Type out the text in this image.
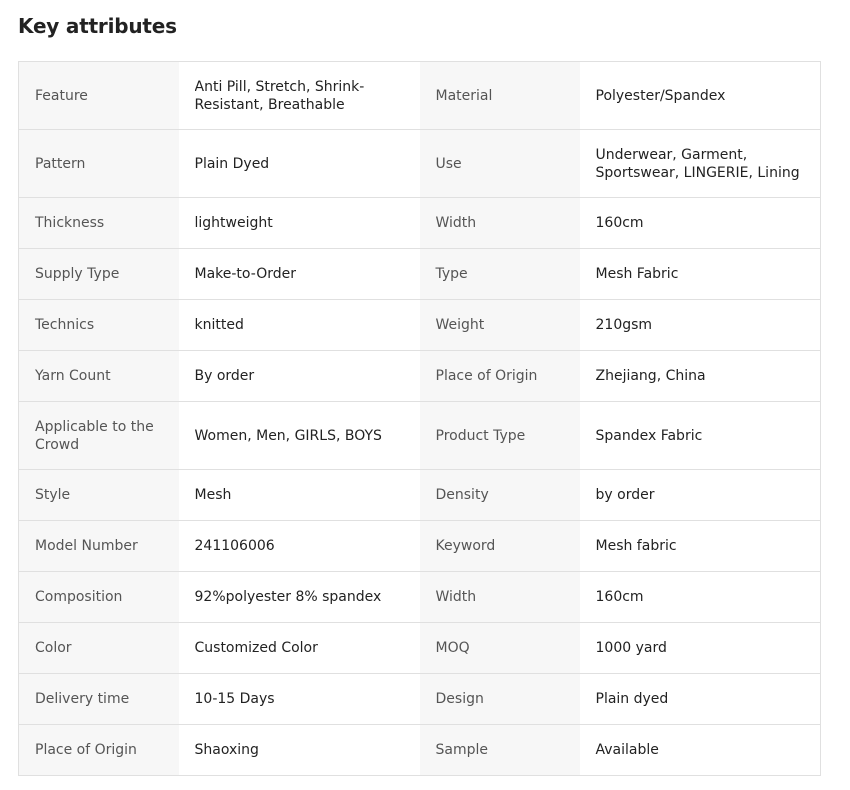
Key attributes
Feature	Anti Pill, Stretch, Shrink-Resistant, Breathable	Material	Polyester/Spandex

Pattern	Plain Dyed	Use	Underwear, Garment, Sportswear, LINGERIE, Lining

Thickness	lightweight	Width	160cm
Supply Type	Make-to-Order	Type	Mesh Fabric
Technics	knitted	Weight	210gsm
Yarn Count	By order	Place of Origin	Zhejiang, China
Applicable to the Crowd	Women, Men, GIRLS, BOYS	Product Type	Spandex Fabric
Style	Mesh	Density	by order
Model Number	241106006	Keyword	Mesh fabric
Composition	92%polyester 8% spandex	Width	160cm
Color	Customized Color	MOQ	1000 yard
Delivery time	10-15 Days	Design	Plain dyed
Place of Origin	Shaoxing	Sample	Available
